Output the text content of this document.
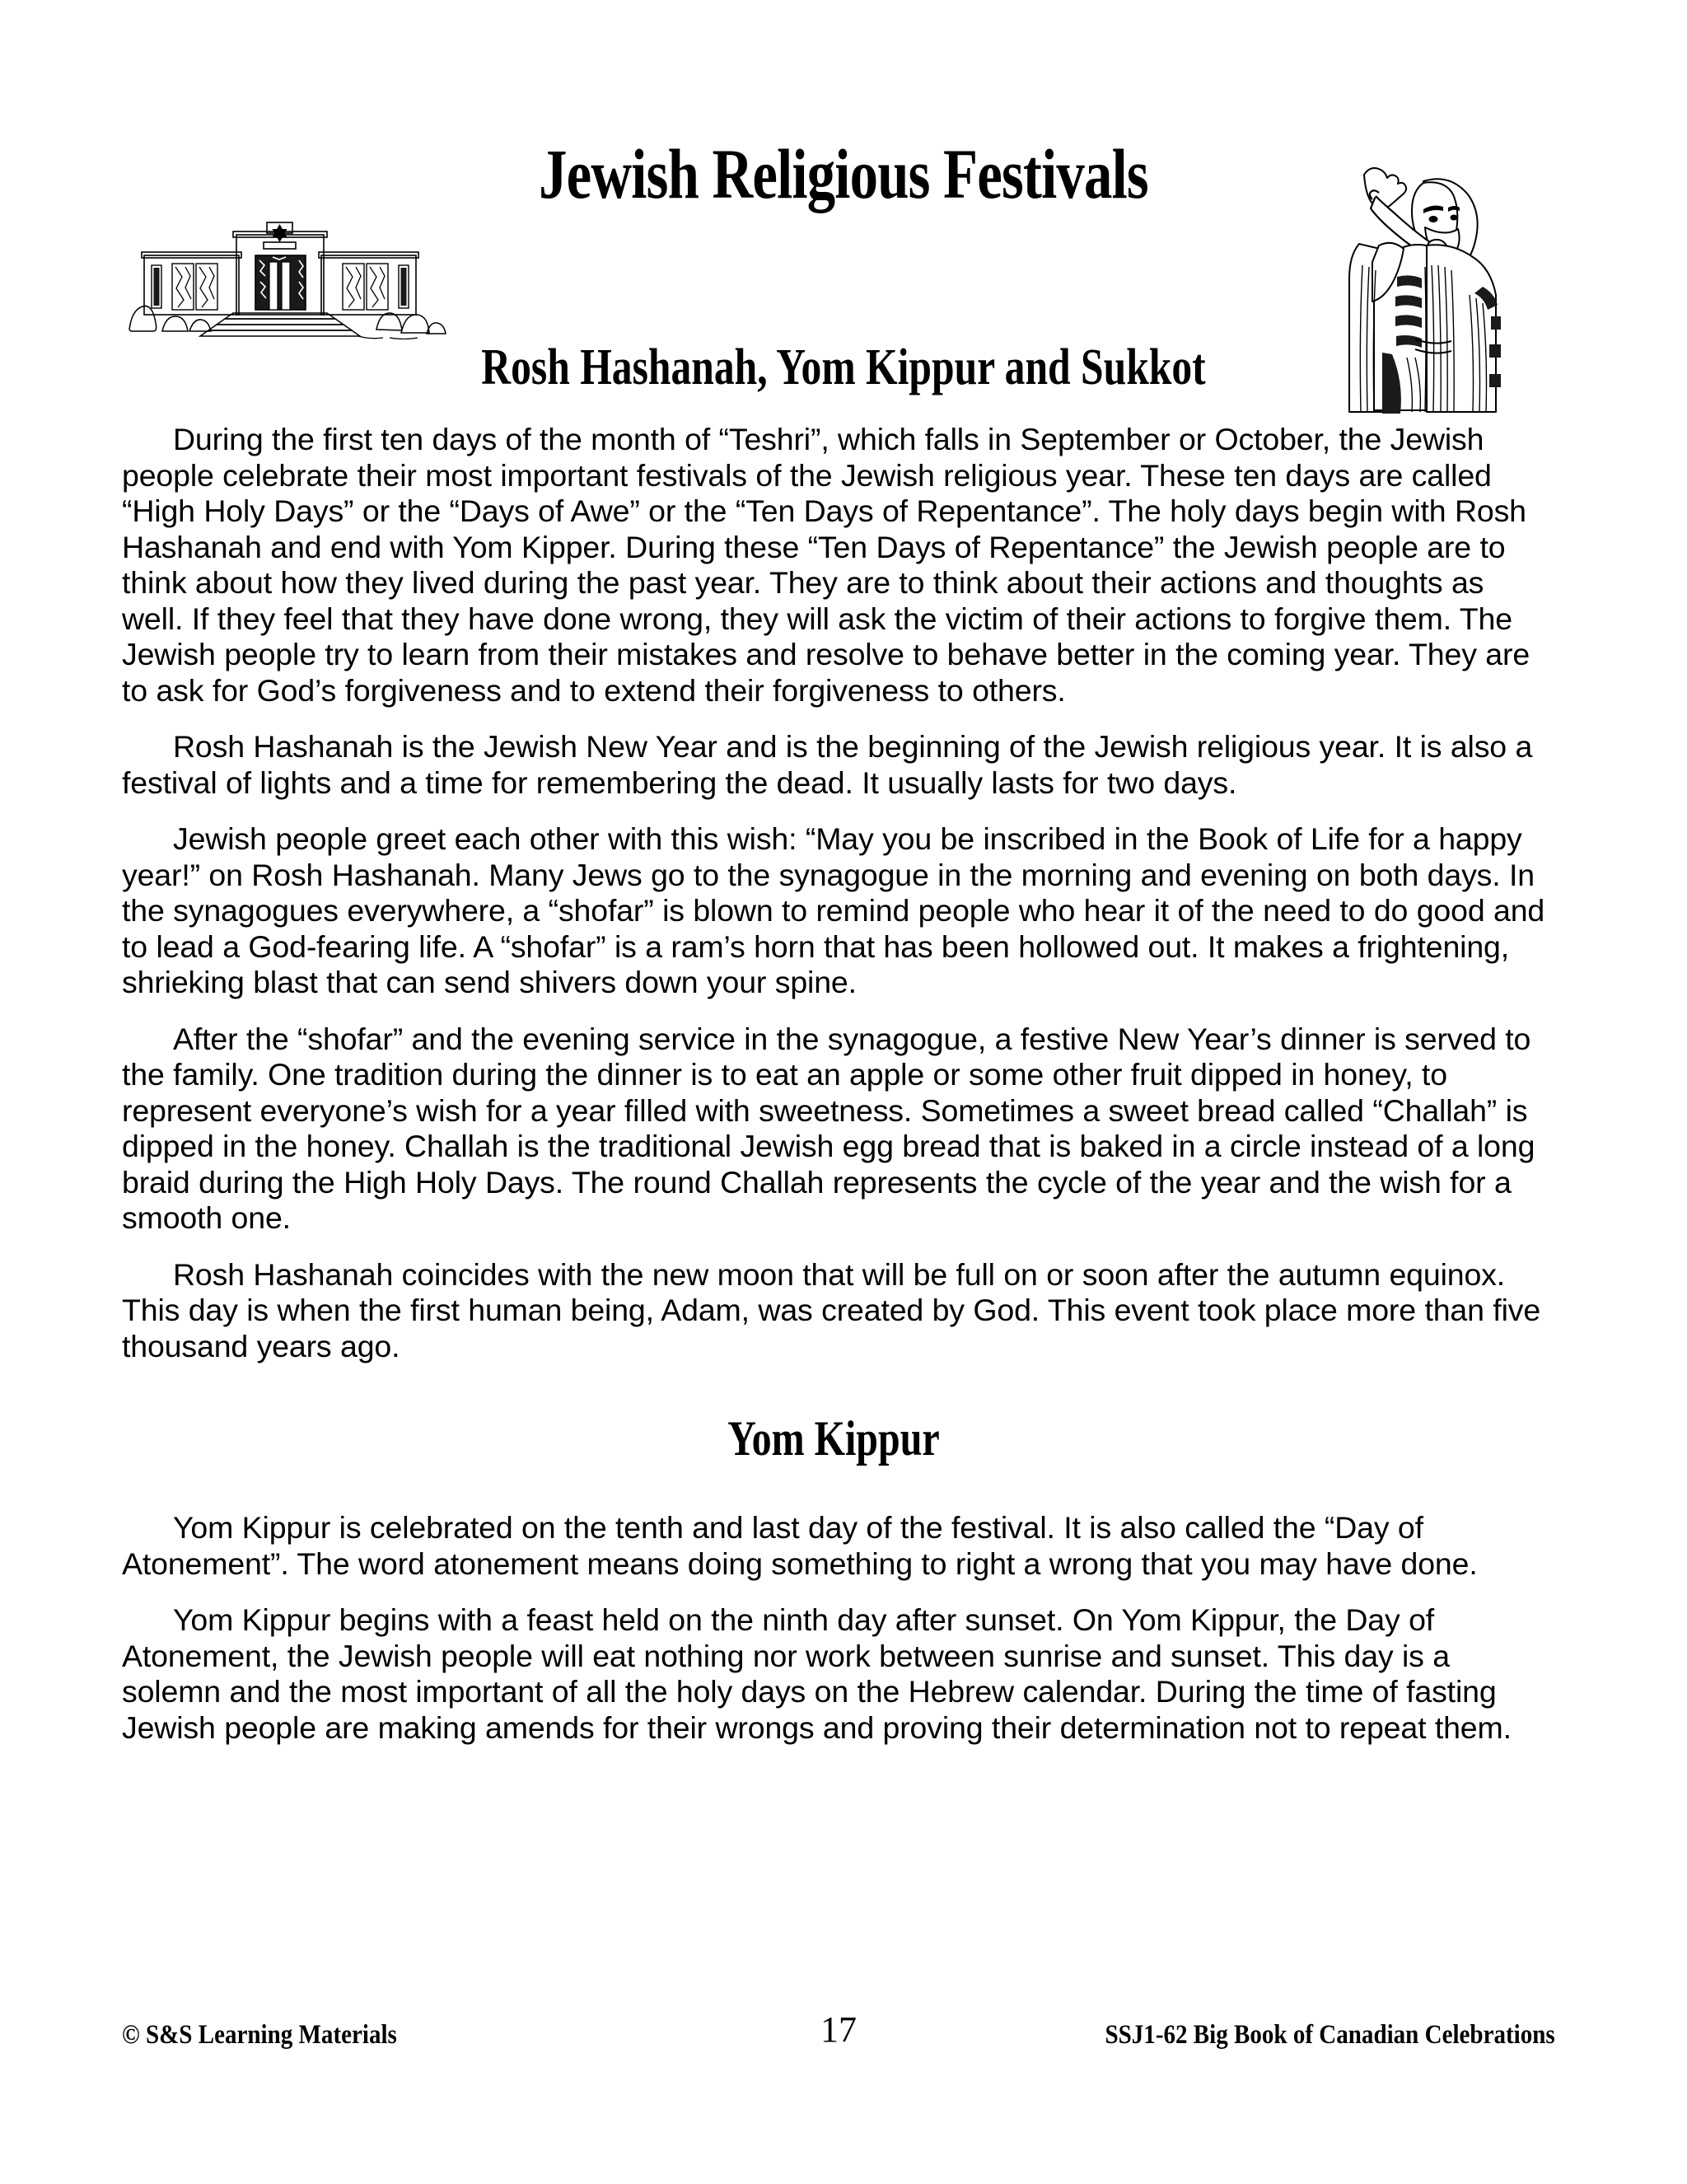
Jewish Religious Festivals
Rosh Hashanah, Yom Kippur and Sukkot

During the first ten days of the month of “Teshri”, which falls in September or October, the Jewish people celebrate their most important festivals of the Jewish religious year. These ten days are called “High Holy Days” or the “Days of Awe” or the “Ten Days of Repentance”. The holy days begin with Rosh Hashanah and end with Yom Kipper. During these “Ten Days of Repentance” the Jewish people are to think about how they lived during the past year. They are to think about their actions and thoughts as well. If they feel that they have done wrong, they will ask the victim of their actions to forgive them. The Jewish people try to learn from their mistakes and resolve to behave better in the coming year. They are to ask for God’s forgiveness and to extend their forgiveness to others.

Rosh Hashanah is the Jewish New Year and is the beginning of the Jewish religious year. It is also a festival of lights and a time for remembering the dead. It usually lasts for two days.

Jewish people greet each other with this wish: “May you be inscribed in the Book of Life for a happy year!” on Rosh Hashanah. Many Jews go to the synagogue in the morning and evening on both days. In the synagogues everywhere, a “shofar” is blown to remind people who hear it of the need to do good and to lead a God-fearing life. A “shofar” is a ram’s horn that has been hollowed out. It makes a frightening, shrieking blast that can send shivers down your spine.

After the “shofar” and the evening service in the synagogue, a festive New Year’s dinner is served to the family. One tradition during the dinner is to eat an apple or some other fruit dipped in honey, to represent everyone’s wish for a year filled with sweetness. Sometimes a sweet bread called “Challah” is dipped in the honey. Challah is the traditional Jewish egg bread that is baked in a circle instead of a long braid during the High Holy Days. The round Challah represents the cycle of the year and the wish for a smooth one.

Rosh Hashanah coincides with the new moon that will be full on or soon after the autumn equinox. This day is when the first human being, Adam, was created by God. This event took place more than five thousand years ago.

Yom Kippur

Yom Kippur is celebrated on the tenth and last day of the festival. It is also called the “Day of Atonement”. The word atonement means doing something to right a wrong that you may have done.

Yom Kippur begins with a feast held on the ninth day after sunset. On Yom Kippur, the Day of Atonement, the Jewish people will eat nothing nor work between sunrise and sunset. This day is a solemn and the most important of all the holy days on the Hebrew calendar. During the time of fasting Jewish people are making amends for their wrongs and proving their determination not to repeat them.

© S&S Learning Materials	17	SSJ1-62 Big Book of Canadian Celebrations
